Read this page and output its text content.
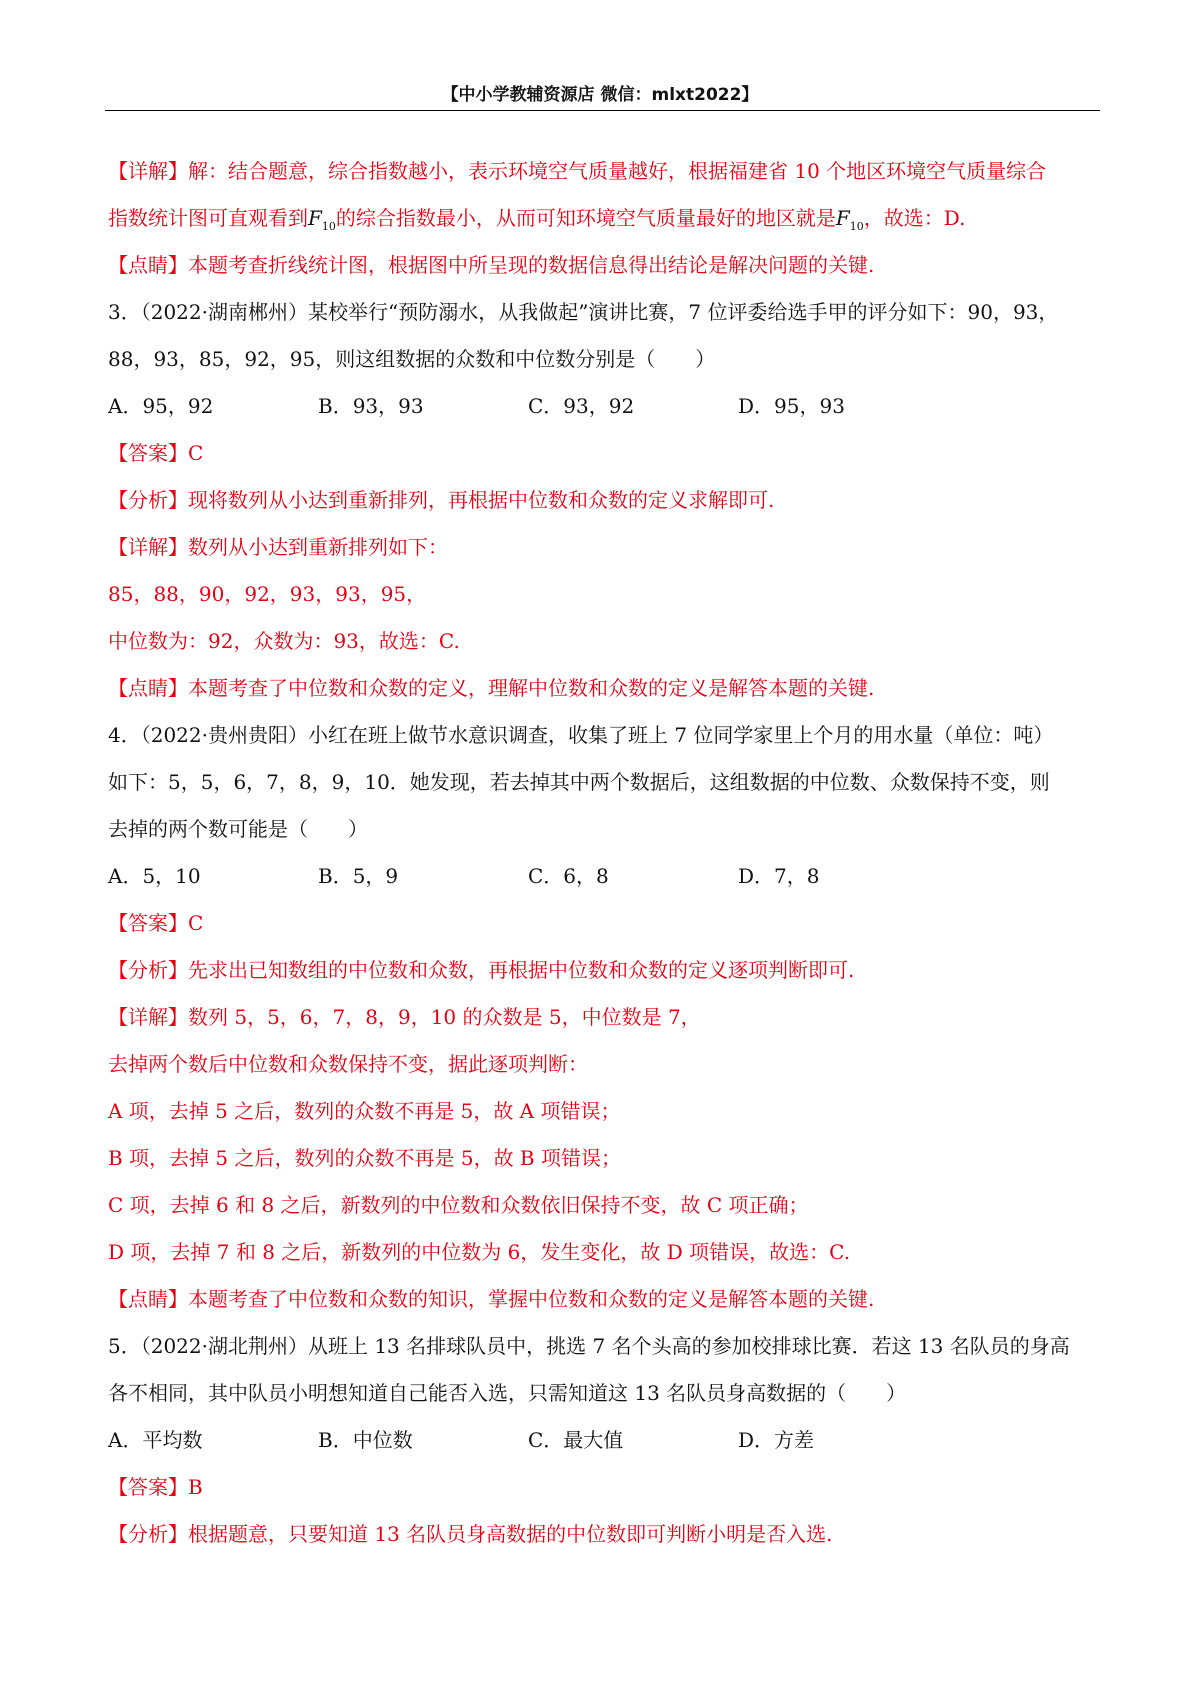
【中小学教辅资源店 微信：mlxt2022】
【详解】解：结合题意，综合指数越小，表示环境空气质量越好，根据福建省 10 个地区环境空气质量综合
指数统计图可直观看到$F_{10}$的综合指数最小，从而可知环境空气质量最好的地区就是$F_{10}$，故选：D.
【点睛】本题考查折线统计图，根据图中所呈现的数据信息得出结论是解决问题的关键.
3．（2022·湖南郴州）某校举行“预防溺水，从我做起”演讲比赛，7 位评委给选手甲的评分如下：90，93，
88，93，85，92，95，则这组数据的众数和中位数分别是（　　）
A．95，92	B．93，93	C．93，92	D．95，93
【答案】C
【分析】现将数列从小达到重新排列，再根据中位数和众数的定义求解即可.
【详解】数列从小达到重新排列如下：
85，88，90，92，93，93，95，
中位数为：92，众数为：93，故选：C.
【点睛】本题考查了中位数和众数的定义，理解中位数和众数的定义是解答本题的关键.
4．（2022·贵州贵阳）小红在班上做节水意识调查，收集了班上 7 位同学家里上个月的用水量（单位：吨）
如下：5，5，6，7，8，9，10．她发现，若去掉其中两个数据后，这组数据的中位数、众数保持不变，则
去掉的两个数可能是（　　）
A．5，10	B．5，9	C．6，8	D．7，8
【答案】C
【分析】先求出已知数组的中位数和众数，再根据中位数和众数的定义逐项判断即可.
【详解】数列 5，5，6，7，8，9，10 的众数是 5，中位数是 7，
去掉两个数后中位数和众数保持不变，据此逐项判断：
A 项，去掉 5 之后，数列的众数不再是 5，故 A 项错误；
B 项，去掉 5 之后，数列的众数不再是 5，故 B 项错误；
C 项，去掉 6 和 8 之后，新数列的中位数和众数依旧保持不变，故 C 项正确；
D 项，去掉 7 和 8 之后，新数列的中位数为 6，发生变化，故 D 项错误，故选：C.
【点睛】本题考查了中位数和众数的知识，掌握中位数和众数的定义是解答本题的关键.
5．（2022·湖北荆州）从班上 13 名排球队员中，挑选 7 名个头高的参加校排球比赛．若这 13 名队员的身高
各不相同，其中队员小明想知道自己能否入选，只需知道这 13 名队员身高数据的（　　）
A．平均数	B．中位数	C．最大值	D．方差
【答案】B
【分析】根据题意，只要知道 13 名队员身高数据的中位数即可判断小明是否入选.
